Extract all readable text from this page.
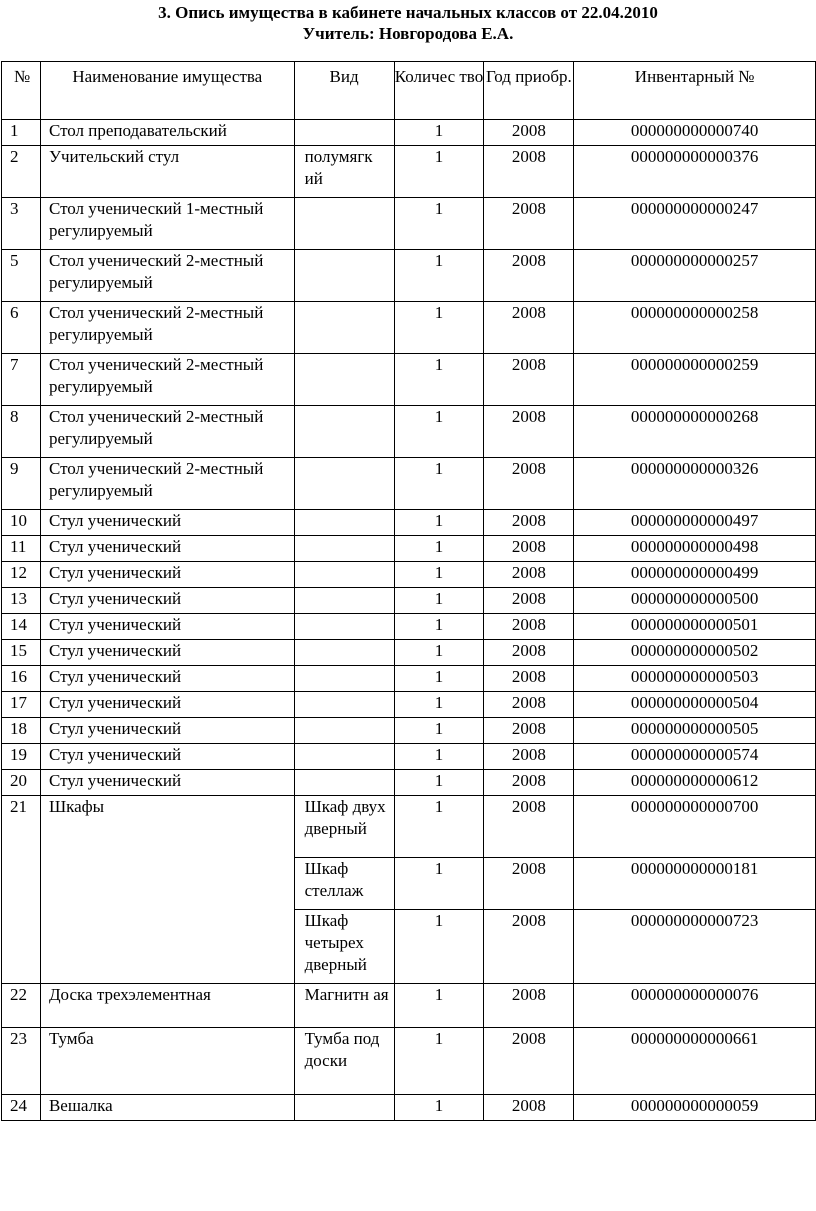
3. Опись имущества в кабинете начальных классов от 22.04.2010
Учитель: Новгородова Е.А.
№	Наименование имущества	Вид	Количес тво	Год приобр.	Инвентарный №
1	Стол преподавательский		1	2008	000000000000740
2	Учительский стул	полумягк ий	1	2008	000000000000376
3	Стол ученический 1-местный регулируемый		1	2008	000000000000247
5	Стол ученический 2-местный регулируемый		1	2008	000000000000257
6	Стол ученический 2-местный регулируемый		1	2008	000000000000258
7	Стол ученический 2-местный регулируемый		1	2008	000000000000259
8	Стол ученический 2-местный регулируемый		1	2008	000000000000268
9	Стол ученический 2-местный регулируемый		1	2008	000000000000326
10	Стул ученический		1	2008	000000000000497
11	Стул ученический		1	2008	000000000000498
12	Стул ученический		1	2008	000000000000499
13	Стул ученический		1	2008	000000000000500
14	Стул ученический		1	2008	000000000000501
15	Стул ученический		1	2008	000000000000502
16	Стул ученический		1	2008	000000000000503
17	Стул ученический		1	2008	000000000000504
18	Стул ученический		1	2008	000000000000505
19	Стул ученический		1	2008	000000000000574
20	Стул ученический		1	2008	000000000000612
21	Шкафы	Шкаф двух дверный	1	2008	000000000000700
		Шкаф стеллаж	1	2008	000000000000181
		Шкаф четырех дверный	1	2008	000000000000723
22	Доска трехэлементная	Магнитн ая	1	2008	000000000000076
23	Тумба	Тумба под доски	1	2008	000000000000661
24	Вешалка		1	2008	000000000000059
